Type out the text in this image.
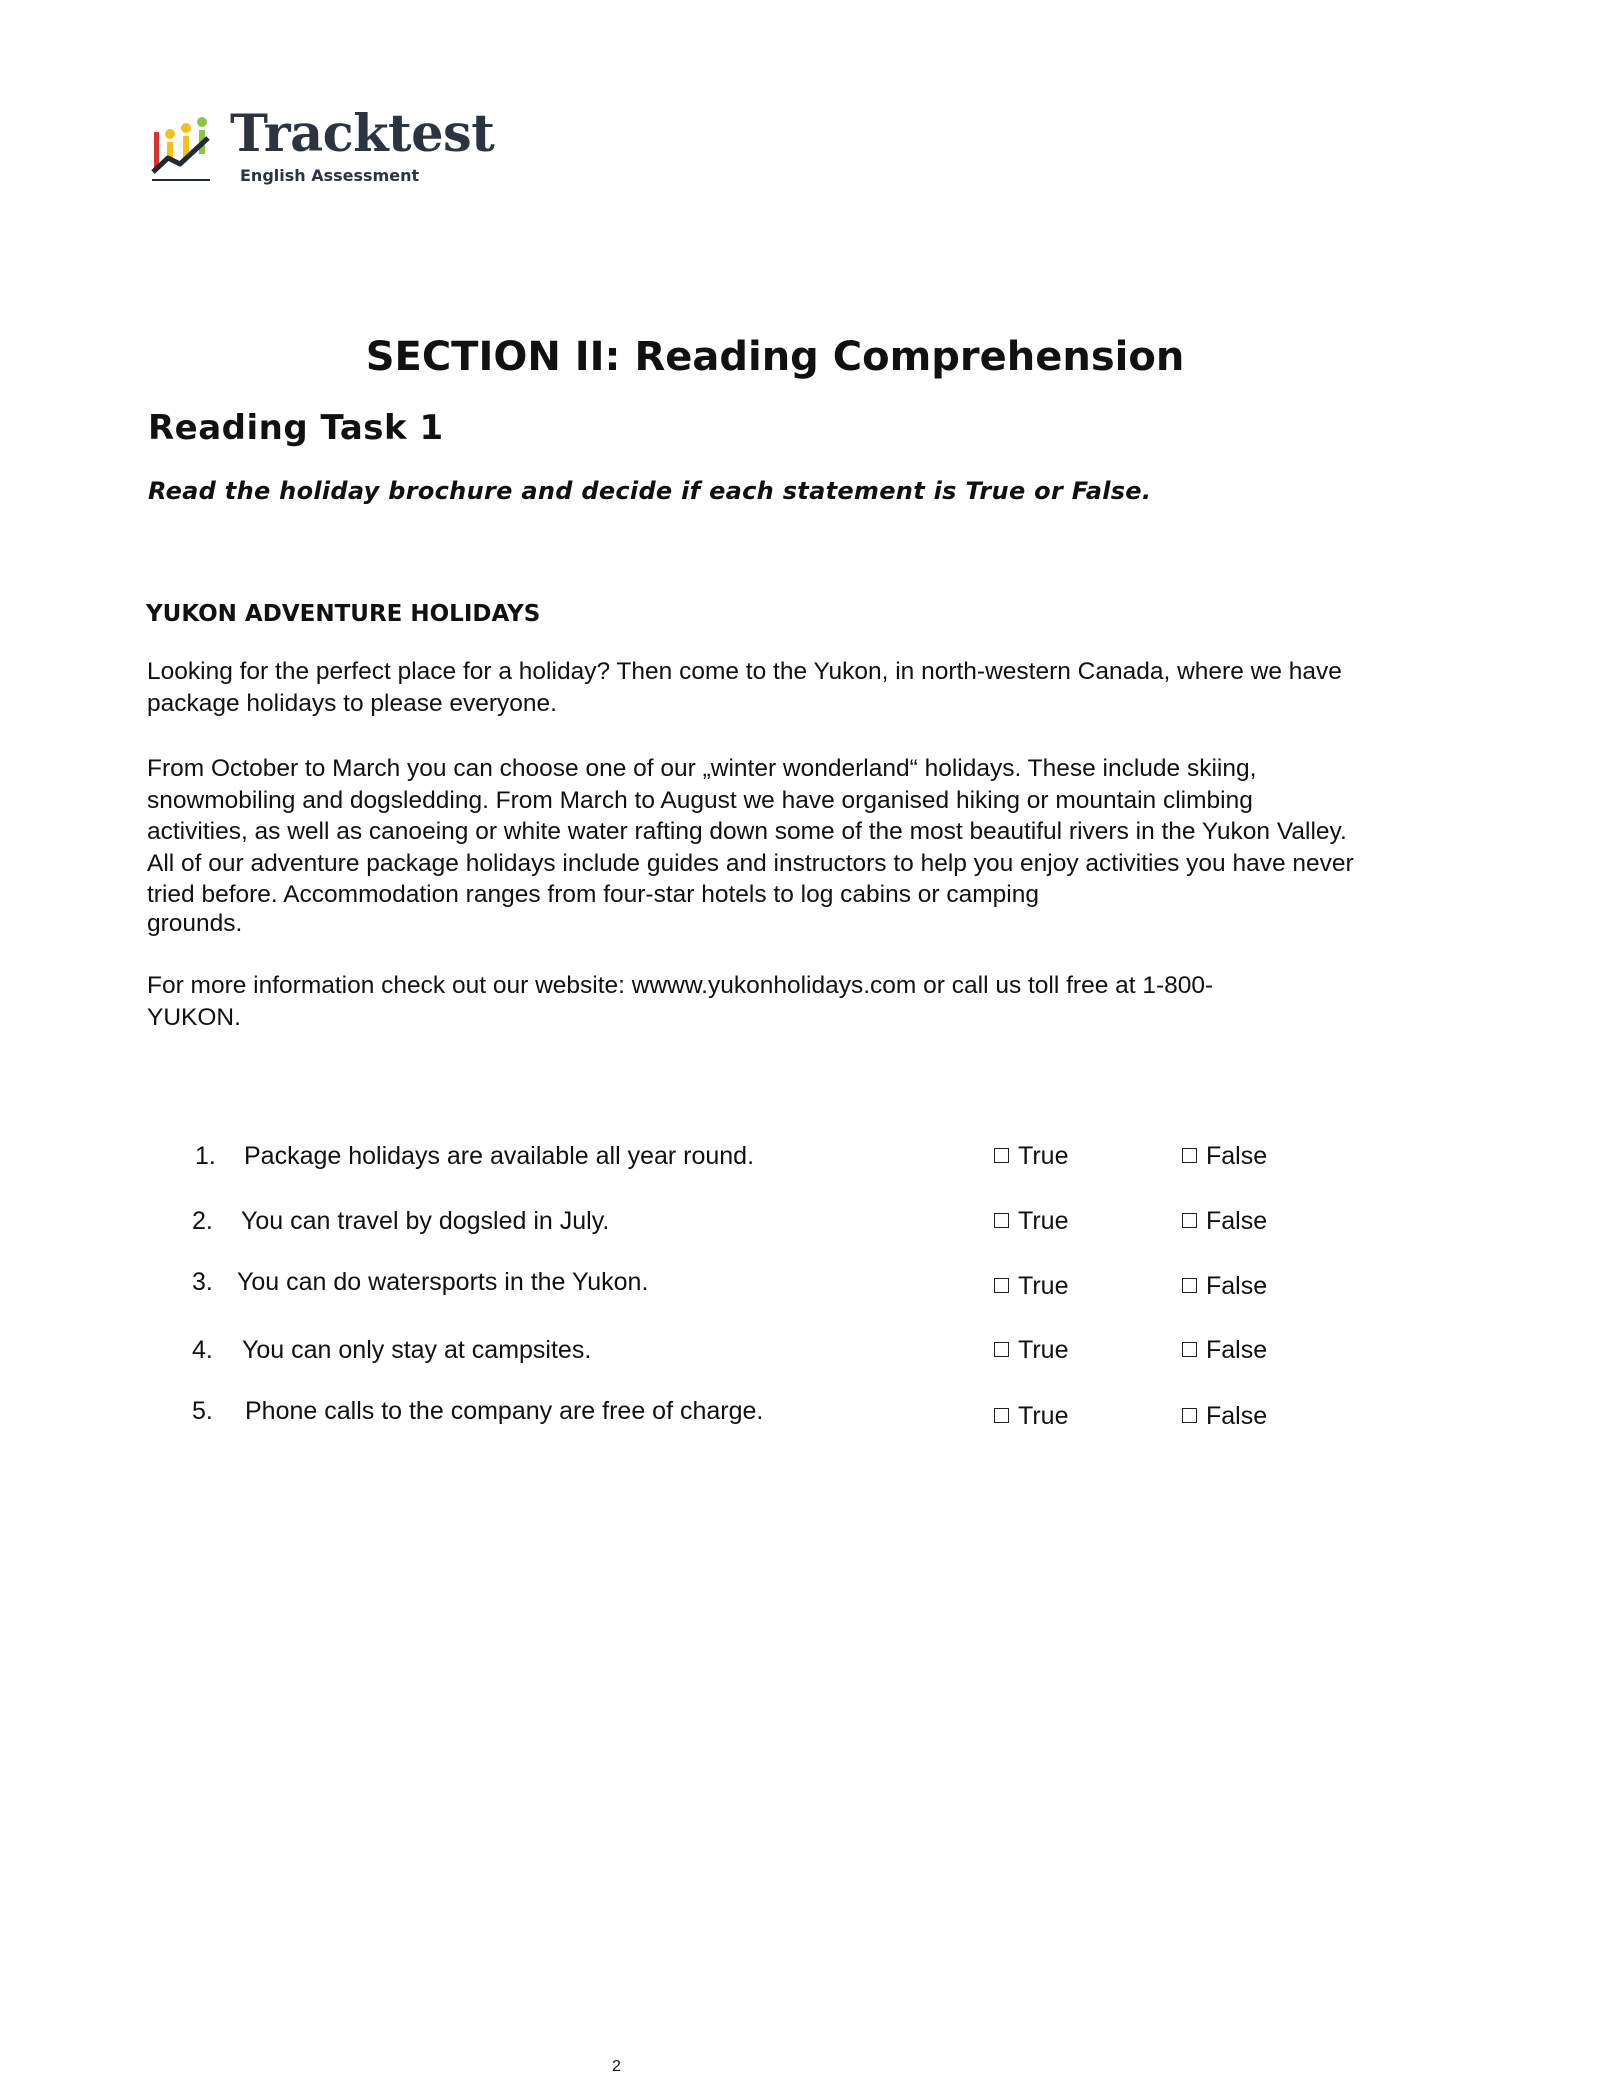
Tracktest
English Assessment
SECTION II: Reading Comprehension
Reading Task 1
Read the holiday brochure and decide if each statement is True or False.
YUKON ADVENTURE HOLIDAYS

Looking for the perfect place for a holiday? Then come to the Yukon, in north-western Canada, where we have
package holidays to please everyone.

From October to March you can choose one of our „winter wonderland“ holidays. These include skiing,
snowmobiling and dogsledding. From March to August we have organised hiking or mountain climbing
activities, as well as canoeing or white water rafting down some of the most beautiful rivers in the Yukon Valley.
All of our adventure package holidays include guides and instructors to help you enjoy activities you have never
tried before. Accommodation ranges from four-star hotels to log cabins or camping
grounds.

For more information check out our website: wwww.yukonholidays.com or call us toll free at 1-800-
YUKON.

1. Package holidays are available all year round.	True	False
2. You can travel by dogsled in July.	True	False
3. You can do watersports in the Yukon.	True	False
4. You can only stay at campsites.	True	False
5. Phone calls to the company are free of charge.	True	False
2
